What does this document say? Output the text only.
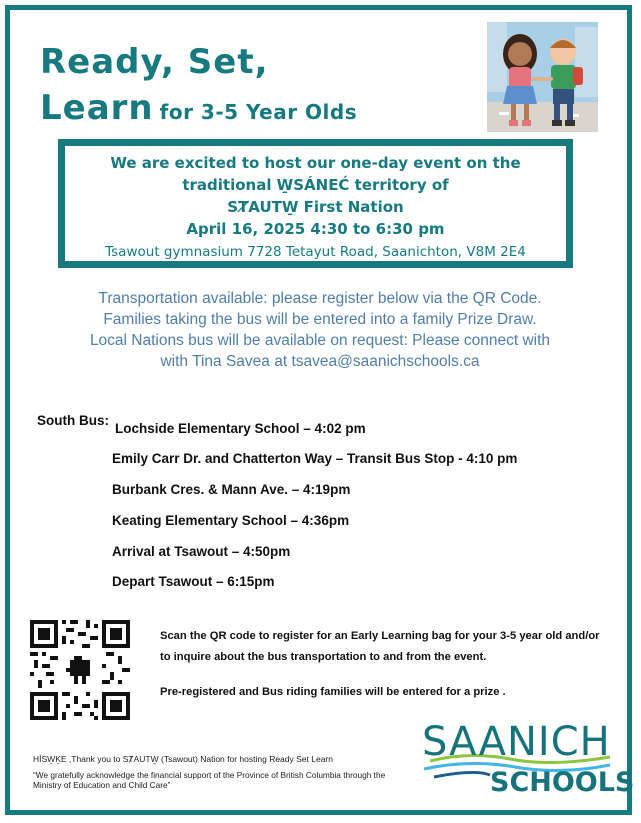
Ready, Set,
Learn for 3-5 Year Olds
We are excited to host our one-day event on the
traditional W̱SÁNEĆ territory of
SȾAUTW̱ First Nation
April 16, 2025 4:30 to 6:30 pm
Tsawout gymnasium 7728 Tetayut Road, Saanichton, V8M 2E4
Transportation available: please register below via the QR Code.
Families taking the bus will be entered into a family Prize Draw.
Local Nations bus will be available on request: Please connect with
with Tina Savea at tsavea@saanichschools.ca
South Bus:
Lochside Elementary School – 4:02 pm
Emily Carr Dr. and Chatterton Way – Transit Bus Stop - 4:10 pm
Burbank Cres. & Mann Ave. – 4:19pm
Keating Elementary School – 4:36pm
Arrival at Tsawout – 4:50pm
Depart Tsawout – 6:15pm
Scan the QR code to register for an Early Learning bag for your 3-5 year old and/or to inquire about the bus transportation to and from the event.
Pre-registered and Bus riding families will be entered for a prize .
HÍSW̱ḴE ,Thank you to SȾAUTW̱ (Tsawout) Nation for hosting Ready Set Learn
“We gratefully acknowledge the financial support of the Province of British Columbia through the Ministry of Education and Child Care”
SAANICH
SCHOOLS
